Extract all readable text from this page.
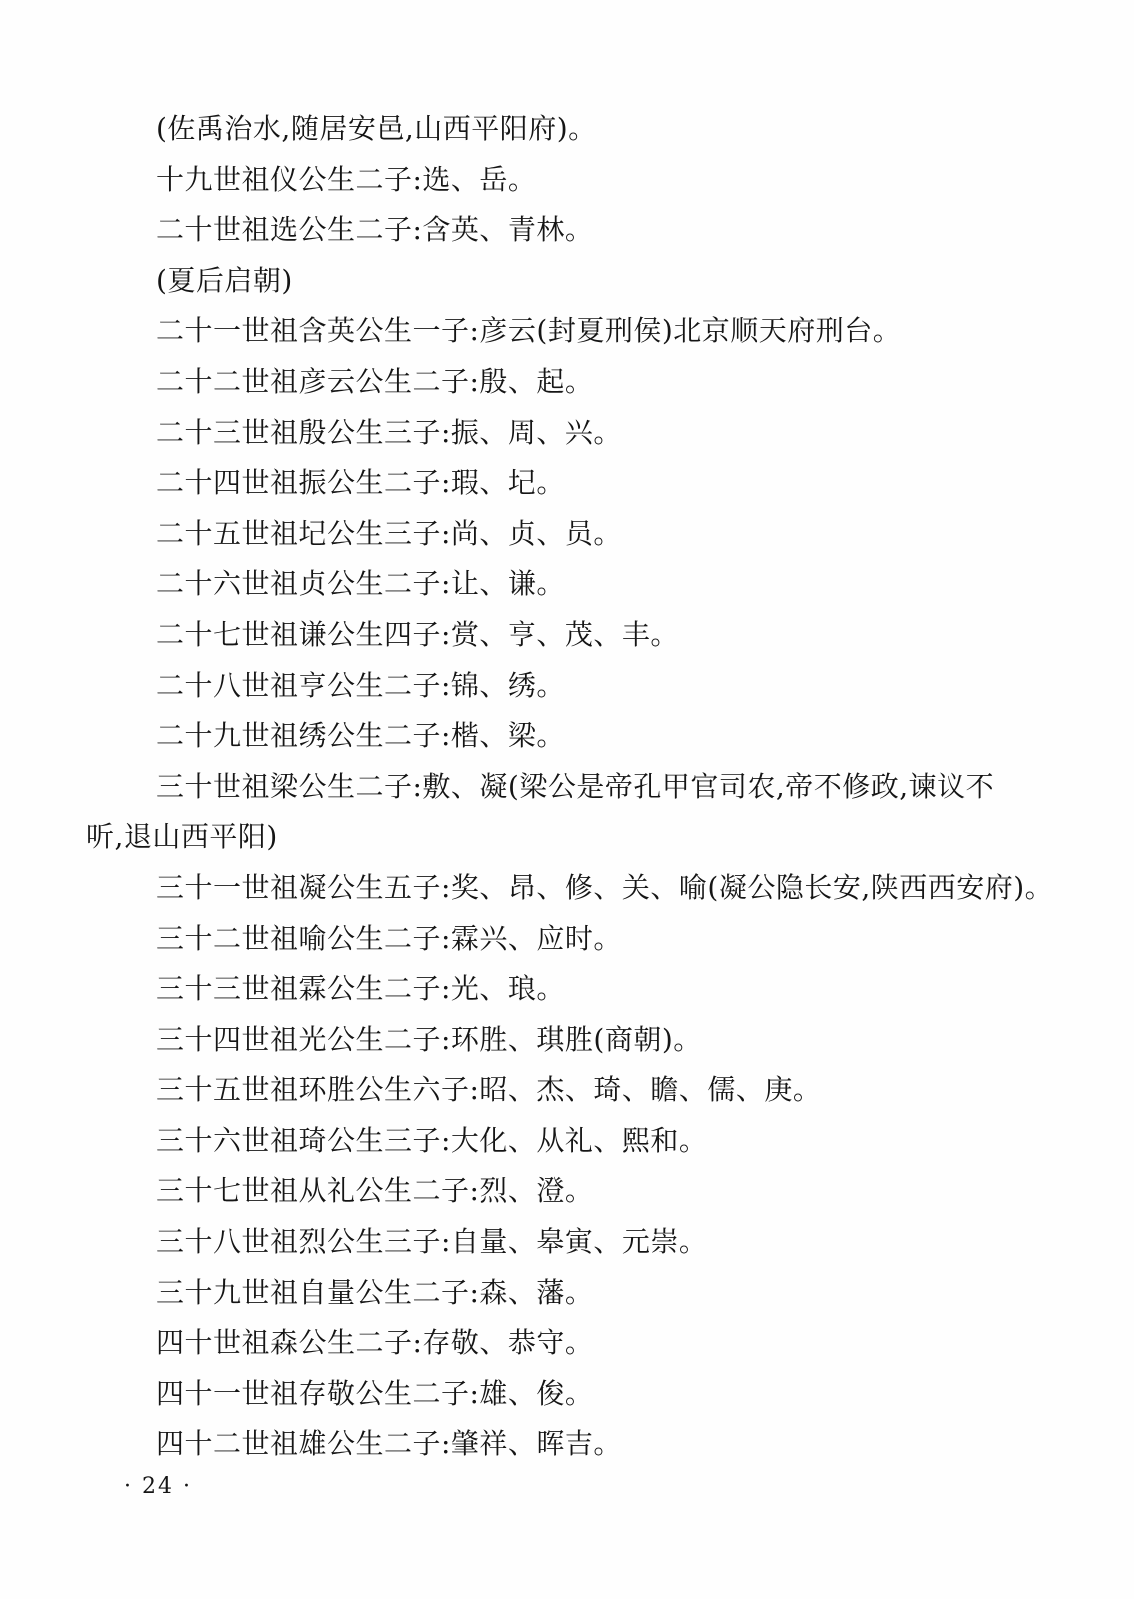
(佐禹治水,随居安邑,山西平阳府)。
十九世祖仪公生二子:选、岳。
二十世祖选公生二子:含英、青林。
(夏后启朝)
二十一世祖含英公生一子:彦云(封夏刑侯)北京顺天府刑台。
二十二世祖彦云公生二子:殷、起。
二十三世祖殷公生三子:振、周、兴。
二十四世祖振公生二子:瑕、圮。
二十五世祖圮公生三子:尚、贞、员。
二十六世祖贞公生二子:让、谦。
二十七世祖谦公生四子:赏、亨、茂、丰。
二十八世祖亨公生二子:锦、绣。
二十九世祖绣公生二子:楷、梁。
三十世祖梁公生二子:敷、凝(梁公是帝孔甲官司农,帝不修政,谏议不
听,退山西平阳)
三十一世祖凝公生五子:奖、昂、修、关、喻(凝公隐长安,陕西西安府)。
三十二世祖喻公生二子:霖兴、应时。
三十三世祖霖公生二子:光、琅。
三十四世祖光公生二子:环胜、琪胜(商朝)。
三十五世祖环胜公生六子:昭、杰、琦、瞻、儒、庚。
三十六世祖琦公生三子:大化、从礼、熙和。
三十七世祖从礼公生二子:烈、澄。
三十八世祖烈公生三子:自量、皋寅、元崇。
三十九世祖自量公生二子:森、藩。
四十世祖森公生二子:存敬、恭守。
四十一世祖存敬公生二子:雄、俊。
四十二世祖雄公生二子:肇祥、晖吉。
· 24 ·
